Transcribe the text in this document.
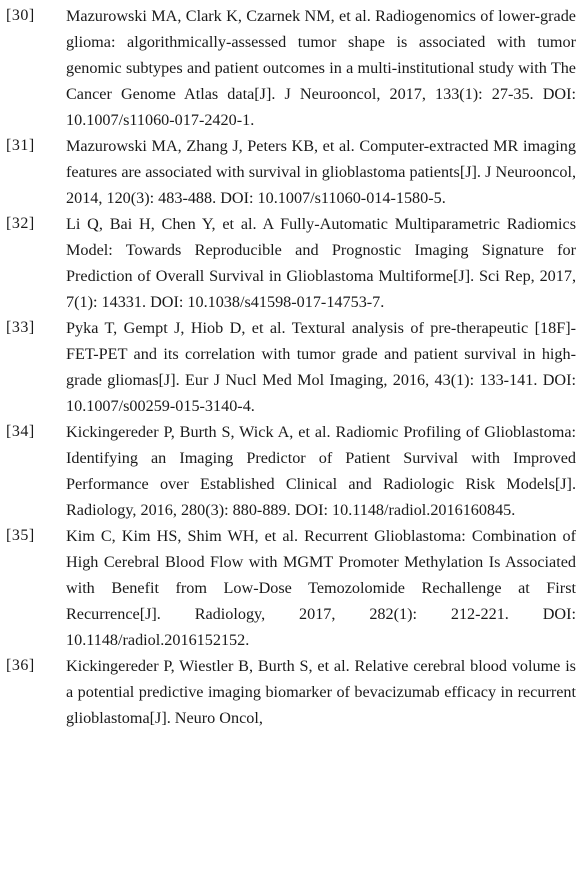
[30]	Mazurowski MA, Clark K, Czarnek NM, et al. Radiogenomics of lower-grade glioma: algorithmically-assessed tumor shape is associated with tumor genomic subtypes and patient outcomes in a multi-institutional study with The Cancer Genome Atlas data[J]. J Neurooncol, 2017, 133(1): 27-35. DOI: 10.1007/s11060-017-2420-1.

[31]	Mazurowski MA, Zhang J, Peters KB, et al. Computer-extracted MR imaging features are associated with survival in glioblastoma patients[J]. J Neurooncol, 2014, 120(3): 483-488. DOI: 10.1007/s11060-014-1580-5.

[32]	Li Q, Bai H, Chen Y, et al. A Fully-Automatic Multiparametric Radiomics Model: Towards Reproducible and Prognostic Imaging Signature for Prediction of Overall Survival in Glioblastoma Multiforme[J]. Sci Rep, 2017, 7(1): 14331. DOI: 10.1038/s41598-017-14753-7.

[33]	Pyka T, Gempt J, Hiob D, et al. Textural analysis of pre-therapeutic [18F]-FET-PET and its correlation with tumor grade and patient survival in high-grade gliomas[J]. Eur J Nucl Med Mol Imaging, 2016, 43(1): 133-141. DOI: 10.1007/s00259-015-3140-4.

[34]	Kickingereder P, Burth S, Wick A, et al. Radiomic Profiling of Glioblastoma: Identifying an Imaging Predictor of Patient Survival with Improved Performance over Established Clinical and Radiologic Risk Models[J]. Radiology, 2016, 280(3): 880-889. DOI: 10.1148/radiol.2016160845.

[35]	Kim C, Kim HS, Shim WH, et al. Recurrent Glioblastoma: Combination of High Cerebral Blood Flow with MGMT Promoter Methylation Is Associated with Benefit from Low-Dose Temozolomide Rechallenge at First Recurrence[J]. Radiology, 2017, 282(1): 212-221. DOI: 10.1148/radiol.2016152152.

[36]	Kickingereder P, Wiestler B, Burth S, et al. Relative cerebral blood volume is a potential predictive imaging biomarker of bevacizumab efficacy in recurrent glioblastoma[J]. Neuro Oncol,
